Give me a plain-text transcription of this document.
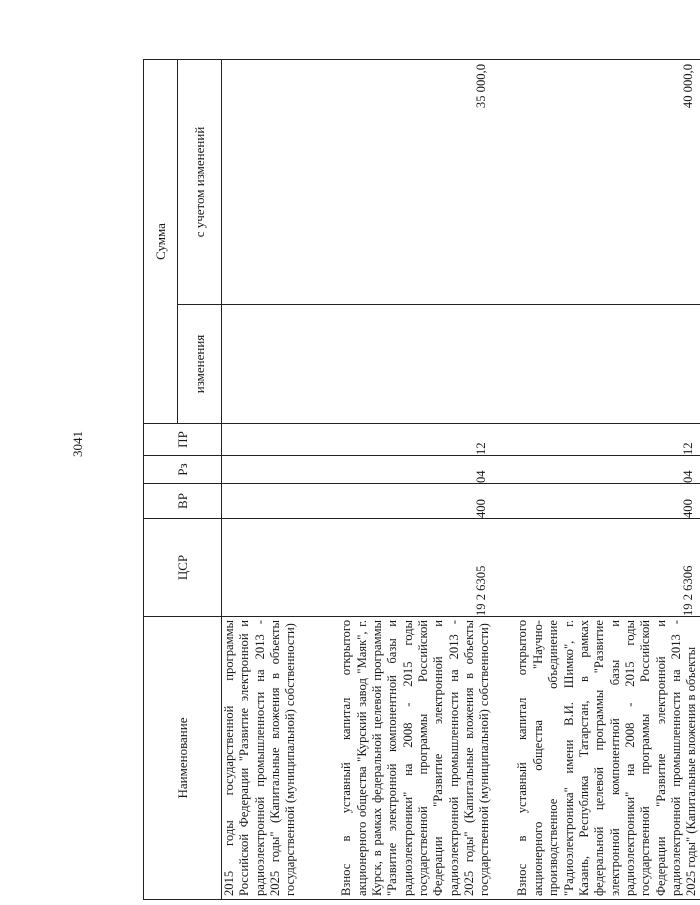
3041
Наименование	ЦСР	ВР	Рз	ПР	Сумма	
					изменения	с учетом изменений
2015 годы государственной программы Российской Федерации "Развитие электронной и радиоэлектронной промышленности на 2013 - 2025 годы" (Капитальные вложения в объекты государственной (муниципальной) собственности)						
Взнос в уставный капитал открытого акционерного общества "Курский завод "Маяк", г. Курск, в рамках федеральной целевой программы "Развитие электронной компонентной базы и радиоэлектроники" на 2008 - 2015 годы государственной программы Российской Федерации "Развитие электронной и радиоэлектронной промышленности на 2013 - 2025 годы" (Капитальные вложения в объекты государственной (муниципальной) собственности)	19 2 6305	400	04	12		35 000,0
Взнос в уставный капитал открытого акционерного общества "Научно-производственное объединение "Радиоэлектроника" имени В.И. Шимко", г. Казань, Республика Татарстан, в рамках федеральной целевой программы "Развитие электронной компонентной базы и радиоэлектроники" на 2008 - 2015 годы государственной программы Российской Федерации "Развитие электронной и радиоэлектронной промышленности на 2013 - 2025 годы" (Капитальные вложения в объекты	19 2 6306	400	04	12		40 000,0
